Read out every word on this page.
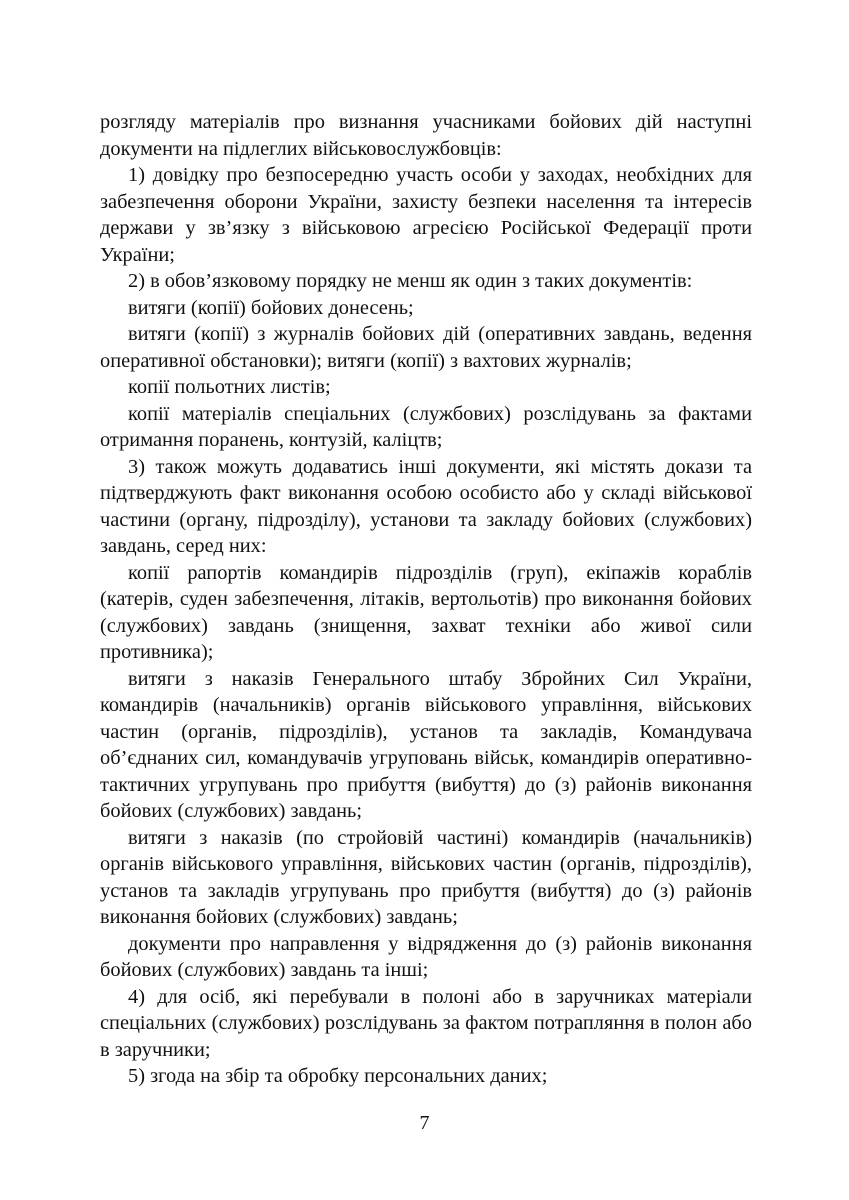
розгляду матеріалів про визнання учасниками бойових дій наступні документи на підлеглих військовослужбовців:

1) довідку про безпосередню участь особи у заходах, необхідних для забезпечення оборони України, захисту безпеки населення та інтересів держави у зв’язку з військовою агресією Російської Федерації проти України;

2) в обов’язковому порядку не менш як один з таких документів:

витяги (копії) бойових донесень;

витяги (копії) з журналів бойових дій (оперативних завдань, ведення оперативної обстановки); витяги (копії) з вахтових журналів;

копії польотних листів;

копії матеріалів спеціальних (службових) розслідувань за фактами отримання поранень, контузій, каліцтв;

3) також можуть додаватись інші документи, які містять докази та підтверджують факт виконання особою особисто або у складі військової частини (органу, підрозділу), установи та закладу бойових (службових) завдань, серед них:

копії рапортів командирів підрозділів (груп), екіпажів кораблів (катерів, суден забезпечення, літаків, вертольотів) про виконання бойових (службових) завдань (знищення, захват техніки або живої сили противника);

витяги з наказів Генерального штабу Збройних Сил України, командирів (начальників) органів військового управління, військових частин (органів, підрозділів), установ та закладів, Командувача об’єднаних сил, командувачів угруповань військ, командирів оперативно-тактичних угрупувань про прибуття (вибуття) до (з) районів виконання бойових (службових) завдань;

витяги з наказів (по стройовій частині) командирів (начальників) органів військового управління, військових частин (органів, підрозділів), установ та закладів угрупувань про прибуття (вибуття) до (з) районів виконання бойових (службових) завдань;

документи про направлення у відрядження до (з) районів виконання бойових (службових) завдань та інші;

4) для осіб, які перебували в полоні або в заручниках матеріали спеціальних (службових) розслідувань за фактом потрапляння в полон або в заручники;

5) згода на збір та обробку персональних даних;

7
